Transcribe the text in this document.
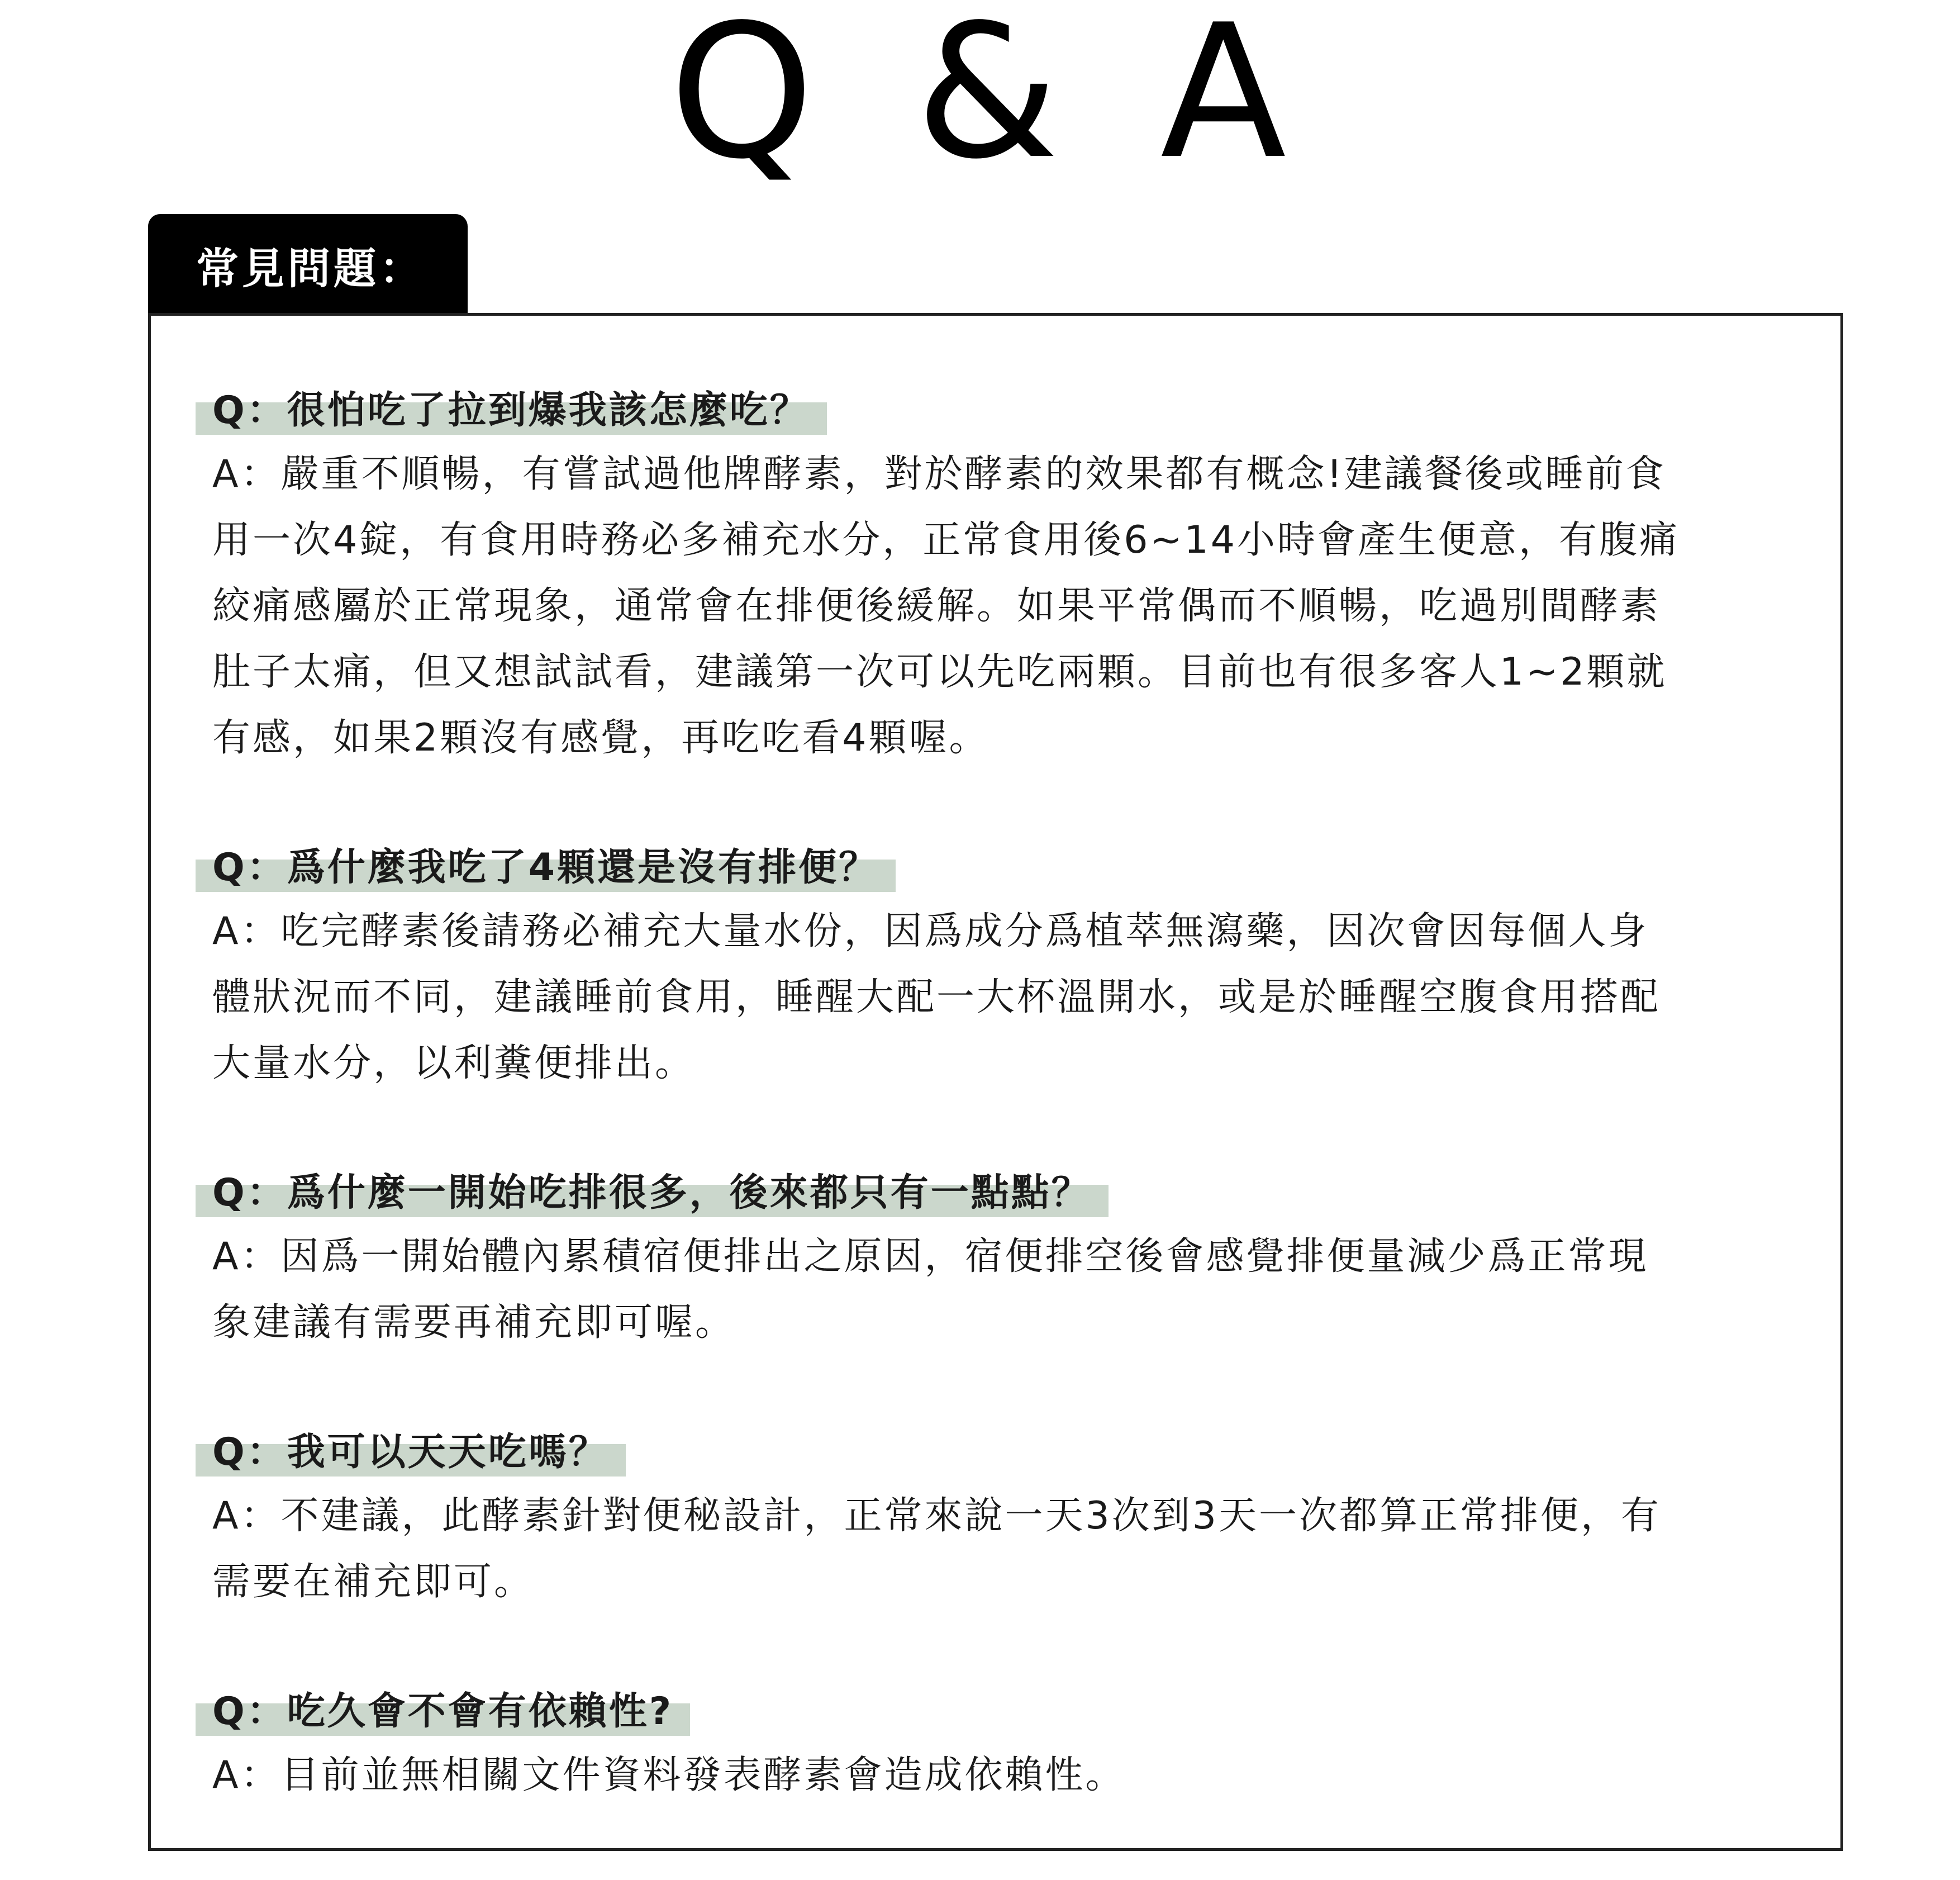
Q & A
常見問題：
Q：很怕吃了拉到爆我該怎麼吃？

A：嚴重不順暢，有嘗試過他牌酵素，對於酵素的效果都有概念!建議餐後或睡前食
用一次4錠，有食用時務必多補充水分，正常食用後6~14小時會產生便意，有腹痛
絞痛感屬於正常現象，通常會在排便後緩解。如果平常偶而不順暢，吃過別間酵素
肚子太痛，但又想試試看，建議第一次可以先吃兩顆。目前也有很多客人1~2顆就
有感，如果2顆沒有感覺，再吃吃看4顆喔。

Q：爲什麼我吃了4顆還是沒有排便？

A：吃完酵素後請務必補充大量水份，因爲成分爲植萃無瀉藥，因次會因每個人身
體狀況而不同，建議睡前食用，睡醒大配一大杯溫開水，或是於睡醒空腹食用搭配
大量水分，以利糞便排出。

Q：爲什麼一開始吃排很多，後來都只有一點點？

A：因爲一開始體內累積宿便排出之原因，宿便排空後會感覺排便量減少爲正常現
象建議有需要再補充即可喔。

Q：我可以天天吃嗎？

A：不建議，此酵素針對便秘設計，正常來說一天3次到3天一次都算正常排便，有
需要在補充即可。

Q：吃久會不會有依賴性?

A：目前並無相關文件資料發表酵素會造成依賴性。
